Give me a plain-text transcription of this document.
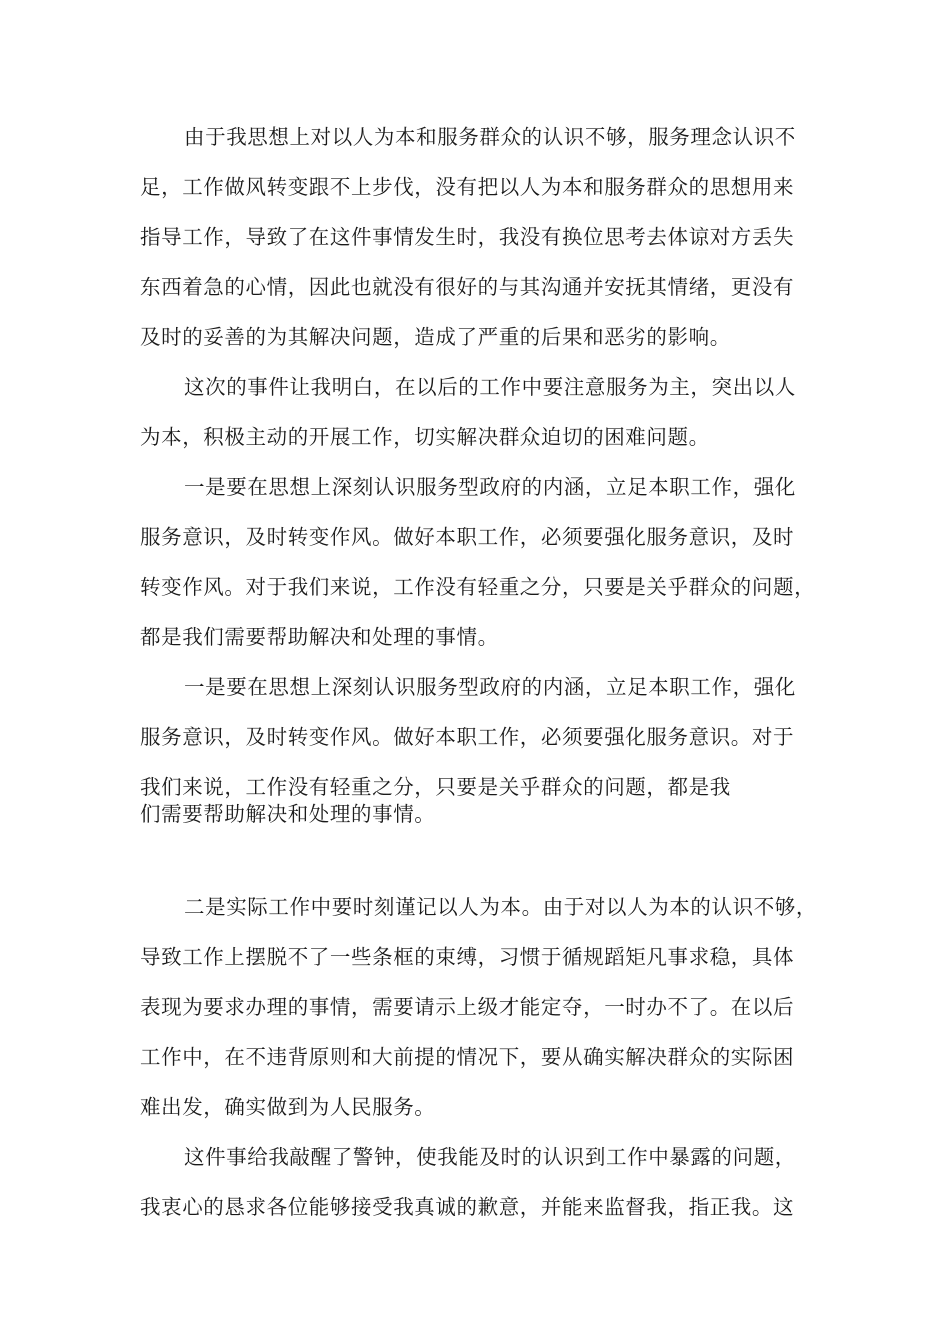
由于我思想上对以人为本和服务群众的认识不够，服务理念认识不
足，工作做风转变跟不上步伐，没有把以人为本和服务群众的思想用来
指导工作，导致了在这件事情发生时，我没有换位思考去体谅对方丢失
东西着急的心情，因此也就没有很好的与其沟通并安抚其情绪，更没有
及时的妥善的为其解决问题，造成了严重的后果和恶劣的影响。
这次的事件让我明白，在以后的工作中要注意服务为主，突出以人
为本，积极主动的开展工作，切实解决群众迫切的困难问题。
一是要在思想上深刻认识服务型政府的内涵，立足本职工作，强化
服务意识，及时转变作风。做好本职工作，必须要强化服务意识，及时
转变作风。对于我们来说，工作没有轻重之分，只要是关乎群众的问题，
都是我们需要帮助解决和处理的事情。
一是要在思想上深刻认识服务型政府的内涵，立足本职工作，强化
服务意识，及时转变作风。做好本职工作，必须要强化服务意识。对于
我们来说，工作没有轻重之分，只要是关乎群众的问题，都是我
们需要帮助解决和处理的事情。
二是实际工作中要时刻谨记以人为本。由于对以人为本的认识不够，
导致工作上摆脱不了一些条框的束缚，习惯于循规蹈矩凡事求稳，具体
表现为要求办理的事情，需要请示上级才能定夺，一时办不了。在以后
工作中，在不违背原则和大前提的情况下，要从确实解决群众的实际困
难出发，确实做到为人民服务。
这件事给我敲醒了警钟，使我能及时的认识到工作中暴露的问题，
我衷心的恳求各位能够接受我真诚的歉意，并能来监督我，指正我。这
